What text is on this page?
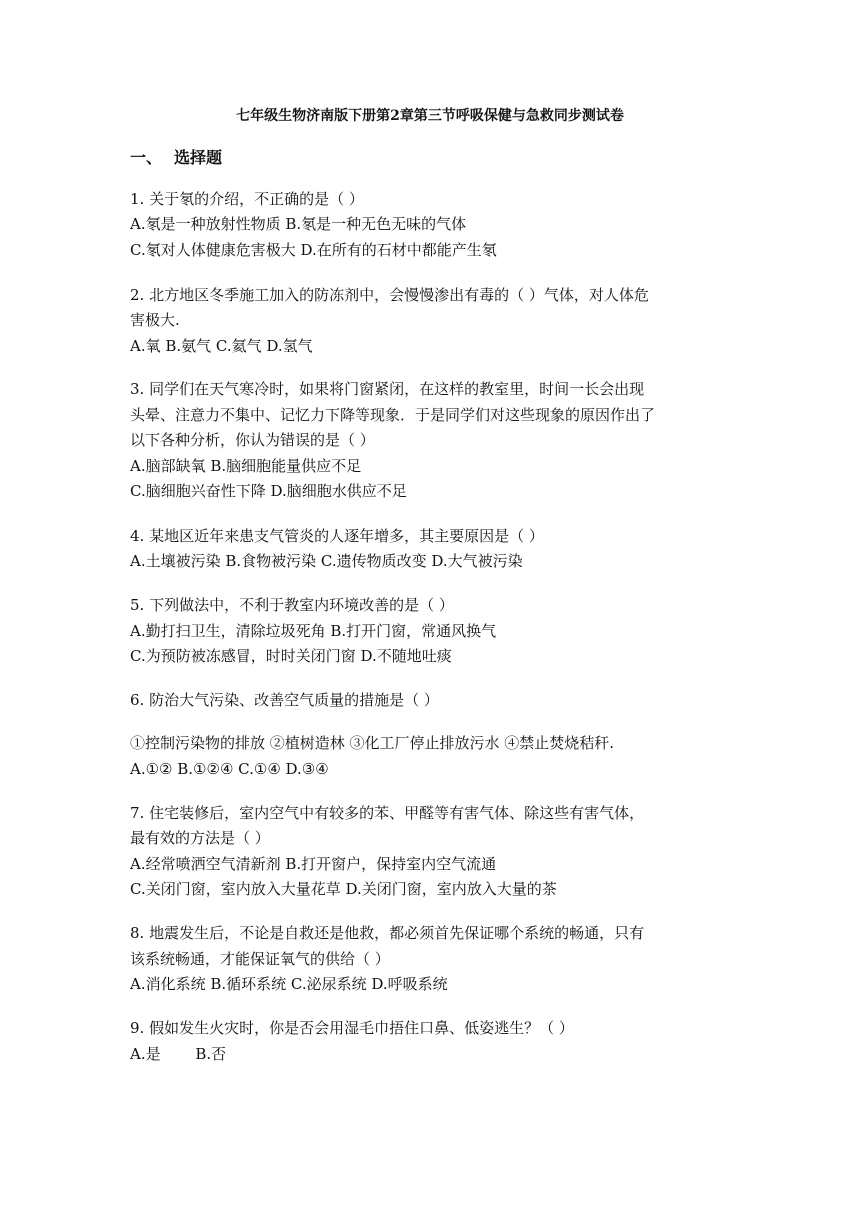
七年级生物济南版下册第2章第三节呼吸保健与急救同步测试卷
一、 选择题
1. 关于氡的介绍，不正确的是（ ）
A.氡是一种放射性物质 B.氡是一种无色无味的气体
C.氡对人体健康危害极大 D.在所有的石材中都能产生氡
2. 北方地区冬季施工加入的防冻剂中，会慢慢渗出有毒的（ ）气体，对人体危
害极大.
A.氧 B.氨气 C.氦气 D.氢气
3. 同学们在天气寒冷时，如果将门窗紧闭，在这样的教室里，时间一长会出现
头晕、注意力不集中、记忆力下降等现象．于是同学们对这些现象的原因作出了
以下各种分析，你认为错误的是（ ）
A.脑部缺氧 B.脑细胞能量供应不足
C.脑细胞兴奋性下降 D.脑细胞水供应不足
4. 某地区近年来患支气管炎的人逐年增多，其主要原因是（ ）
A.土壤被污染 B.食物被污染 C.遗传物质改变 D.大气被污染
5. 下列做法中，不利于教室内环境改善的是（ ）
A.勤打扫卫生，清除垃圾死角 B.打开门窗，常通风换气
C.为预防被冻感冒，时时关闭门窗 D.不随地吐痰
6. 防治大气污染、改善空气质量的措施是（ ）
①控制污染物的排放 ②植树造林 ③化工厂停止排放污水 ④禁止焚烧秸秆.
A.①② B.①②④ C.①④ D.③④
7. 住宅装修后，室内空气中有较多的苯、甲醛等有害气体、除这些有害气体，
最有效的方法是（ ）
A.经常喷洒空气清新剂 B.打开窗户，保持室内空气流通
C.关闭门窗，室内放入大量花草 D.关闭门窗，室内放入大量的茶
8. 地震发生后，不论是自救还是他救，都必须首先保证哪个系统的畅通，只有
该系统畅通，才能保证氧气的供给（ ）
A.消化系统 B.循环系统 C.泌尿系统 D.呼吸系统
9. 假如发生火灾时，你是否会用湿毛巾捂住口鼻、低姿逃生？（ ）
A.是　　 B.否
